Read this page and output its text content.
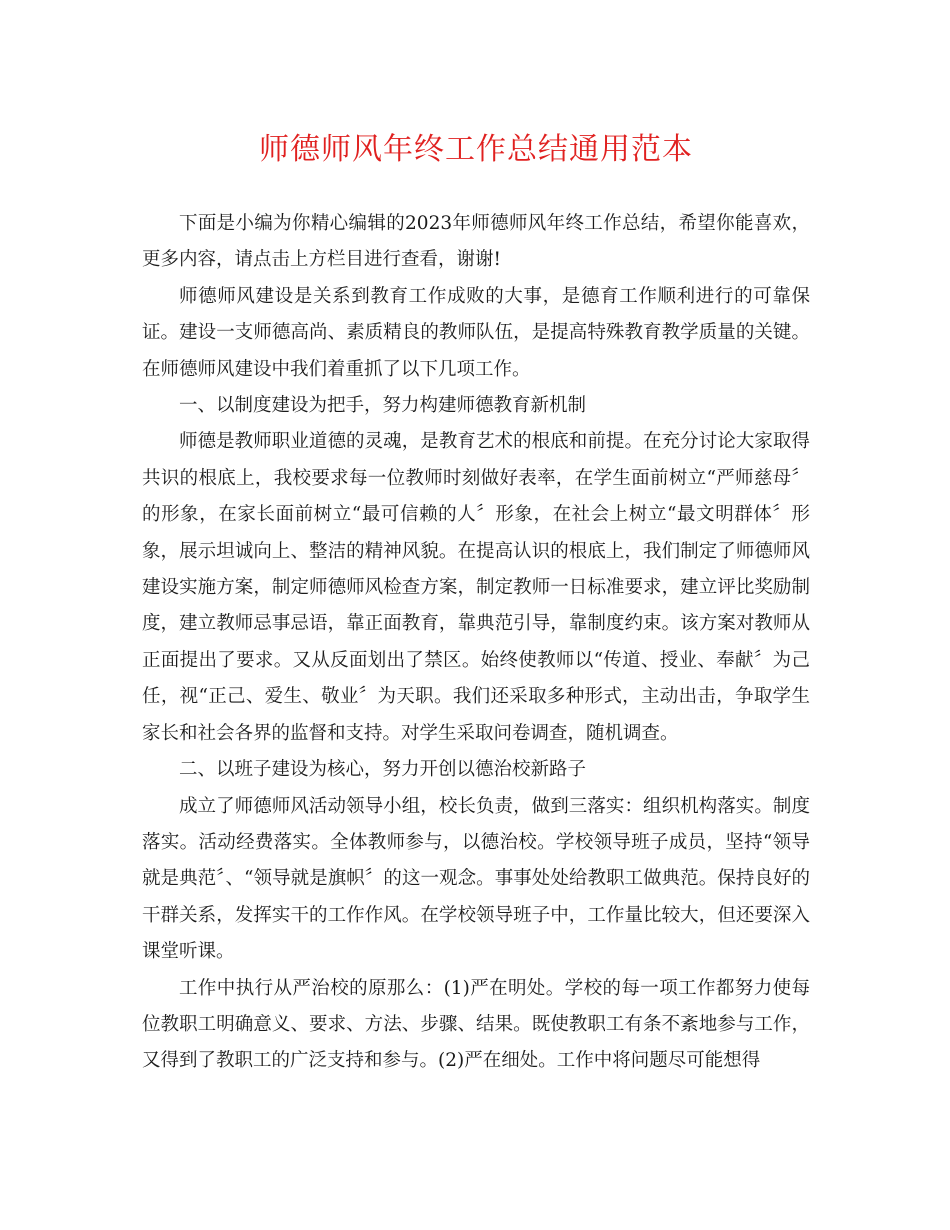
师德师风年终工作总结通用范本

下面是小编为你精心编辑的2023年师德师风年终工作总结，希望你能喜欢，更多内容，请点击上方栏目进行查看，谢谢!

师德师风建设是关系到教育工作成败的大事，是德育工作顺利进行的可靠保证。建设一支师德高尚、素质精良的教师队伍，是提高特殊教育教学质量的关键。在师德师风建设中我们着重抓了以下几项工作。

一、以制度建设为把手，努力构建师德教育新机制

师德是教师职业道德的灵魂，是教育艺术的根底和前提。在充分讨论大家取得共识的根底上，我校要求每一位教师时刻做好表率，在学生面前树立“严师慈母〞的形象，在家长面前树立“最可信赖的人〞形象，在社会上树立“最文明群体〞形象，展示坦诚向上、整洁的精神风貌。在提高认识的根底上，我们制定了师德师风建设实施方案，制定师德师风检查方案，制定教师一日标准要求，建立评比奖励制度，建立教师忌事忌语，靠正面教育，靠典范引导，靠制度约束。该方案对教师从正面提出了要求。又从反面划出了禁区。始终使教师以“传道、授业、奉献〞为己任，视“正己、爱生、敬业〞为天职。我们还采取多种形式，主动出击，争取学生家长和社会各界的监督和支持。对学生采取问卷调查，随机调查。

二、以班子建设为核心，努力开创以德治校新路子

成立了师德师风活动领导小组，校长负责，做到三落实：组织机构落实。制度落实。活动经费落实。全体教师参与，以德治校。学校领导班子成员，坚持“领导就是典范〞、“领导就是旗帜〞的这一观念。事事处处给教职工做典范。保持良好的干群关系，发挥实干的工作作风。在学校领导班子中，工作量比较大，但还要深入课堂听课。

工作中执行从严治校的原那么：(1)严在明处。学校的每一项工作都努力使每位教职工明确意义、要求、方法、步骤、结果。既使教职工有条不紊地参与工作，又得到了教职工的广泛支持和参与。(2)严在细处。工作中将问题尽可能想得
